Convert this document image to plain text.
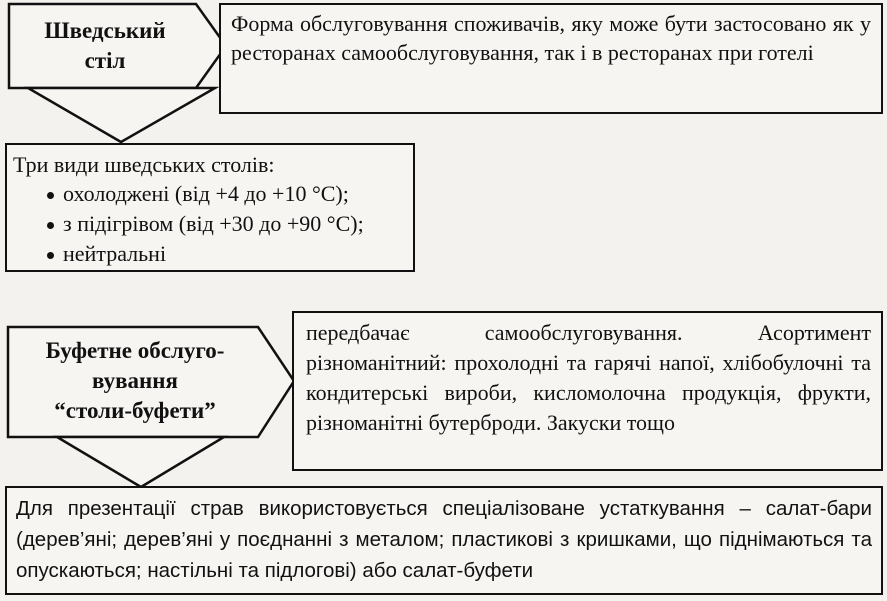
Шведський
стіл
Форма обслуговування споживачів, яку може бути застосовано як у ресторанах самообслуговування, так і в ресторанах при готелі
Три види шведських столів:
охолоджені (від +4 до +10 °С);
з підігрівом (від +30 до +90 °С);
нейтральні
Буфетне обслуго-
вування
“столи-буфети”
передбачає самообслуговування. Асортимент різноманітний: прохолодні та гарячі напої, хлібобулочні та кондитерські вироби, кисломолочна продукція, фрукти, різноманітні бутерброди. Закуски тощо
Для презентації страв використовується спеціалізоване устаткування – салат-бари (дерев’яні; дерев’яні у поєднанні з металом; пластикові з кришками, що піднімаються та опускаються; настільні та підлогові) або салат-буфети
